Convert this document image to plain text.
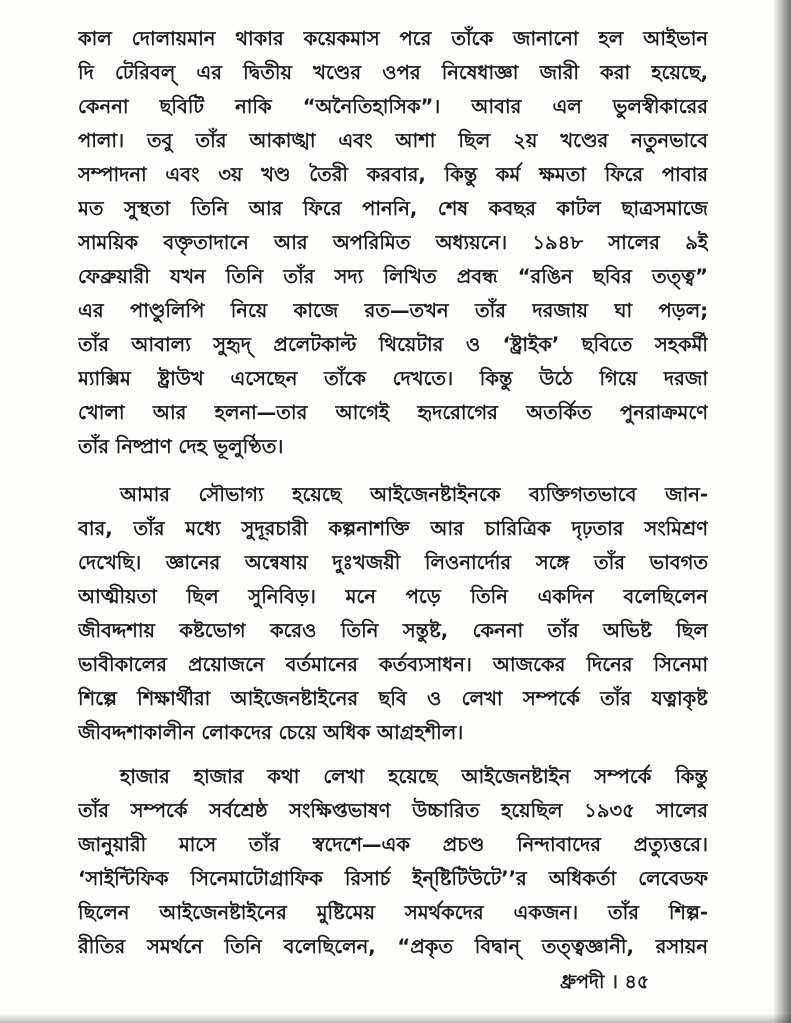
কাল দোলায়মান থাকার কয়েকমাস পরে তাঁকে জানানো হল আইভান
দি টেরিবল্ এর দ্বিতীয় খণ্ডের ওপর নিষেধাজ্ঞা জারী করা হয়েছে,
কেননা ছবিটি নাকি “অনৈতিহাসিক”। আবার এল ভুলস্বীকারের
পালা। তবু তাঁর আকাঙ্খা এবং আশা ছিল ২য় খণ্ডের নতুনভাবে
সম্পাদনা এবং ৩য় খণ্ড তৈরী করবার, কিন্তু কর্ম ক্ষমতা ফিরে পাবার
মত সুস্থতা তিনি আর ফিরে পাননি, শেষ কবছর কাটল ছাত্রসমাজে
সাময়িক বক্তৃতাদানে আর অপরিমিত অধ্যয়নে। ১৯৪৮ সালের ৯ই
ফেব্রুয়ারী যখন তিনি তাঁর সদ্য লিখিত প্রবন্ধ “রঙিন ছবির তত্ত্ব”
এর পাণ্ডুলিপি নিয়ে কাজে রত—তখন তাঁর দরজায় ঘা পড়ল;
তাঁর আবাল্য সুহৃদ্ প্রলেটকাল্ট থিয়েটার ও ‘ষ্ট্রাইক’ ছবিতে সহকর্মী
ম্যাক্সিম ষ্ট্রাউখ এসেছেন তাঁকে দেখতে। কিন্তু উঠে গিয়ে দরজা
খোলা আর হলনা—তার আগেই হৃদরোগের অতর্কিত পুনরাক্রমণে
তাঁর নিষ্প্রাণ দেহ ভূলুণ্ঠিত।
আমার সৌভাগ্য হয়েছে আইজেনষ্টাইনকে ব্যক্তিগতভাবে জান-
বার, তাঁর মধ্যে সুদূরচারী কল্পনাশক্তি আর চারিত্রিক দৃঢ়তার সংমিশ্রণ
দেখেছি। জ্ঞানের অন্বেষায় দুঃখজয়ী লিওনার্দোর সঙ্গে তাঁর ভাবগত
আত্মীয়তা ছিল সুনিবিড়। মনে পড়ে তিনি একদিন বলেছিলেন
জীবদ্দশায় কষ্টভোগ করেও তিনি সন্তুষ্ট, কেননা তাঁর অভিষ্ট ছিল
ভাবীকালের প্রয়োজনে বর্তমানের কর্তব্যসাধন। আজকের দিনের সিনেমা
শিল্পে শিক্ষার্থীরা আইজেনষ্টাইনের ছবি ও লেখা সম্পর্কে তাঁর যত্নাকৃষ্ট
জীবদ্দশাকালীন লোকদের চেয়ে অধিক আগ্রহশীল।
হাজার হাজার কথা লেখা হয়েছে আইজেনষ্টাইন সম্পর্কে কিন্তু
তাঁর সম্পর্কে সর্বশ্রেষ্ঠ সংক্ষিপ্তভাষণ উচ্চারিত হয়েছিল ১৯৩৫ সালের
জানুয়ারী মাসে তাঁর স্বদেশে—এক প্রচণ্ড নিন্দাবাদের প্রত্যুত্তরে।
‘সাইন্টিফিক সিনেমাটোগ্রাফিক রিসার্চ ইন্‌ষ্টিটিউটে’’র অধিকর্তা লেবেডফ
ছিলেন আইজেনষ্টাইনের মুষ্টিমেয় সমর্থকদের একজন। তাঁর শিল্প-
রীতির সমর্থনে তিনি বলেছিলেন, “প্রকৃত বিদ্বান্ তত্ত্বজ্ঞানী, রসায়ন
ধ্রুপদী । ৪৫
